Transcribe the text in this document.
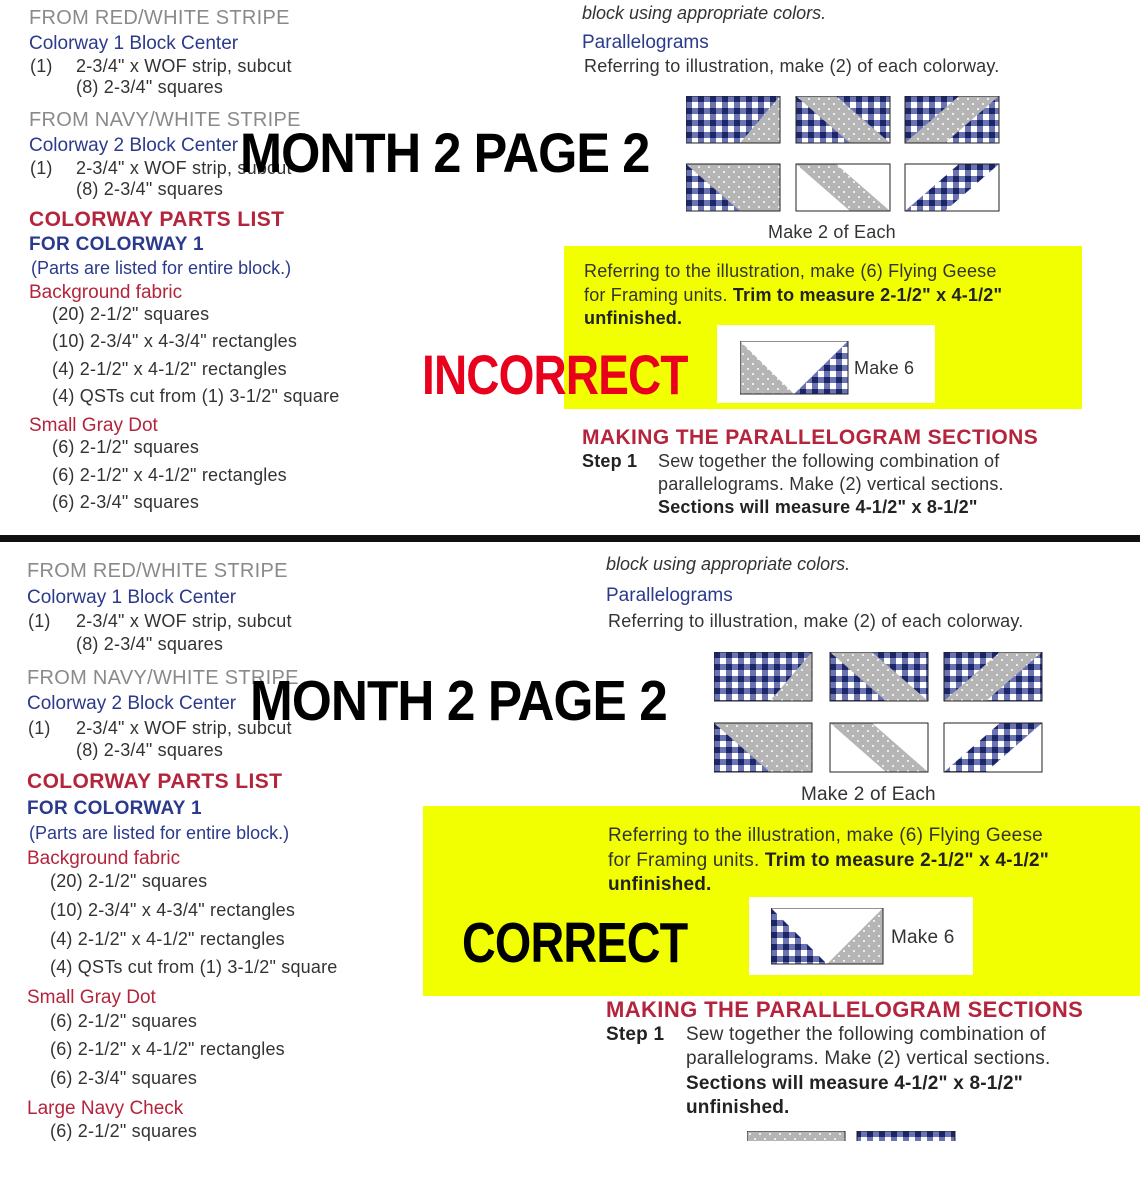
FROM RED/WHITE STRIPE
Colorway 1 Block Center
(1) 2-3/4" x WOF strip, subcut
(8) 2-3/4" squares
FROM NAVY/WHITE STRIPE
Colorway 2 Block Center
(1) 2-3/4" x WOF strip, subcut
(8) 2-3/4" squares
COLORWAY PARTS LIST
FOR COLORWAY 1
(Parts are listed for entire block.)
Background fabric
(20) 2-1/2" squares
(10) 2-3/4" x 4-3/4" rectangles
(4) 2-1/2" x 4-1/2" rectangles
(4) QSTs cut from (1) 3-1/2" square
Small Gray Dot
(6) 2-1/2" squares
(6) 2-1/2" x 4-1/2" rectangles
(6) 2-3/4" squares
block using appropriate colors.
Parallelograms
Referring to illustration, make (2) of each colorway.
Make 2 of Each
Referring to the illustration, make (6) Flying Geese
for Framing units. Trim to measure 2-1/2" x 4-1/2"
unfinished.
Make 6
MAKING THE PARALLELOGRAM SECTIONS
Step 1 Sew together the following combination of
parallelograms. Make (2) vertical sections.
Sections will measure 4-1/2" x 8-1/2"
MONTH 2 PAGE 2
INCORRECT
FROM RED/WHITE STRIPE
Colorway 1 Block Center
(1) 2-3/4" x WOF strip, subcut
(8) 2-3/4" squares
FROM NAVY/WHITE STRIPE
Colorway 2 Block Center
(1) 2-3/4" x WOF strip, subcut
(8) 2-3/4" squares
COLORWAY PARTS LIST
FOR COLORWAY 1
(Parts are listed for entire block.)
Background fabric
(20) 2-1/2" squares
(10) 2-3/4" x 4-3/4" rectangles
(4) 2-1/2" x 4-1/2" rectangles
(4) QSTs cut from (1) 3-1/2" square
Small Gray Dot
(6) 2-1/2" squares
(6) 2-1/2" x 4-1/2" rectangles
(6) 2-3/4" squares
Large Navy Check
(6) 2-1/2" squares
block using appropriate colors.
Parallelograms
Referring to illustration, make (2) of each colorway.
Make 2 of Each
Referring to the illustration, make (6) Flying Geese
for Framing units. Trim to measure 2-1/2" x 4-1/2"
unfinished.
Make 6
MAKING THE PARALLELOGRAM SECTIONS
Step 1 Sew together the following combination of
parallelograms. Make (2) vertical sections.
Sections will measure 4-1/2" x 8-1/2"
unfinished.
MONTH 2 PAGE 2
CORRECT
